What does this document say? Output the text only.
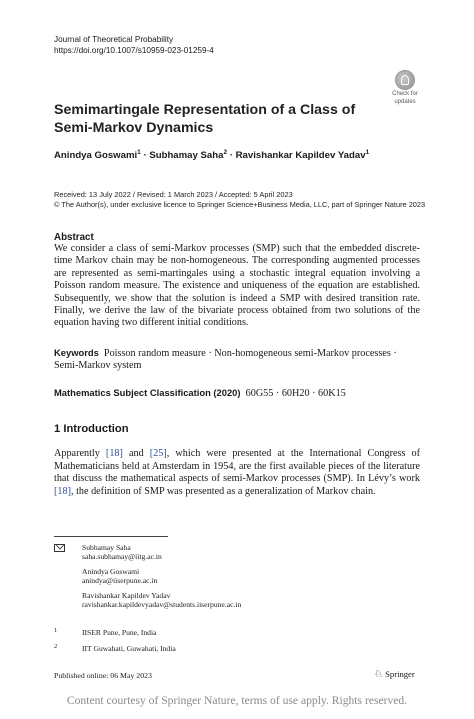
Journal of Theoretical Probability
https://doi.org/10.1007/s10959-023-01259-4
Check for
updates
Semimartingale Representation of a Class of Semi-Markov Dynamics
Anindya Goswami$^1$ · Subhamay Saha$^2$ · Ravishankar Kapildev Yadav$^1$
Received: 13 July 2022 / Revised: 1 March 2023 / Accepted: 5 April 2023
© The Author(s), under exclusive licence to Springer Science+Business Media, LLC, part of Springer Nature 2023
Abstract
We consider a class of semi-Markov processes (SMP) such that the embedded discrete-time Markov chain may be non-homogeneous. The corresponding augmented processes are represented as semi-martingales using a stochastic integral equation involving a Poisson random measure. The existence and uniqueness of the equation are established. Subsequently, we show that the solution is indeed a SMP with desired transition rate. Finally, we derive the law of the bivariate process obtained from two solutions of the equation having two different initial conditions.
Keywords Poisson random measure · Non-homogeneous semi-Markov processes · Semi-Markov system
Mathematics Subject Classification (2020) 60G55 · 60H20 · 60K15
1 Introduction
Apparently [18] and [25], which were presented at the International Congress of Mathematicians held at Amsterdam in 1954, are the first available pieces of the literature that discuss the mathematical aspects of semi-Markov processes (SMP). In Lévy’s work [18], the definition of SMP was presented as a generalization of Markov chain.
Subhamay Saha
saha.subhamay@iitg.ac.in
Anindya Goswami
anindya@iiserpune.ac.in
Ravishankar Kapildev Yadav
ravishankar.kapildevyadav@students.iiserpune.ac.in
1	IISER Pune, Pune, India
2	IIT Guwahati, Guwahati, India
Published online: 06 May 2023	♘ Springer
Content courtesy of Springer Nature, terms of use apply. Rights reserved.
